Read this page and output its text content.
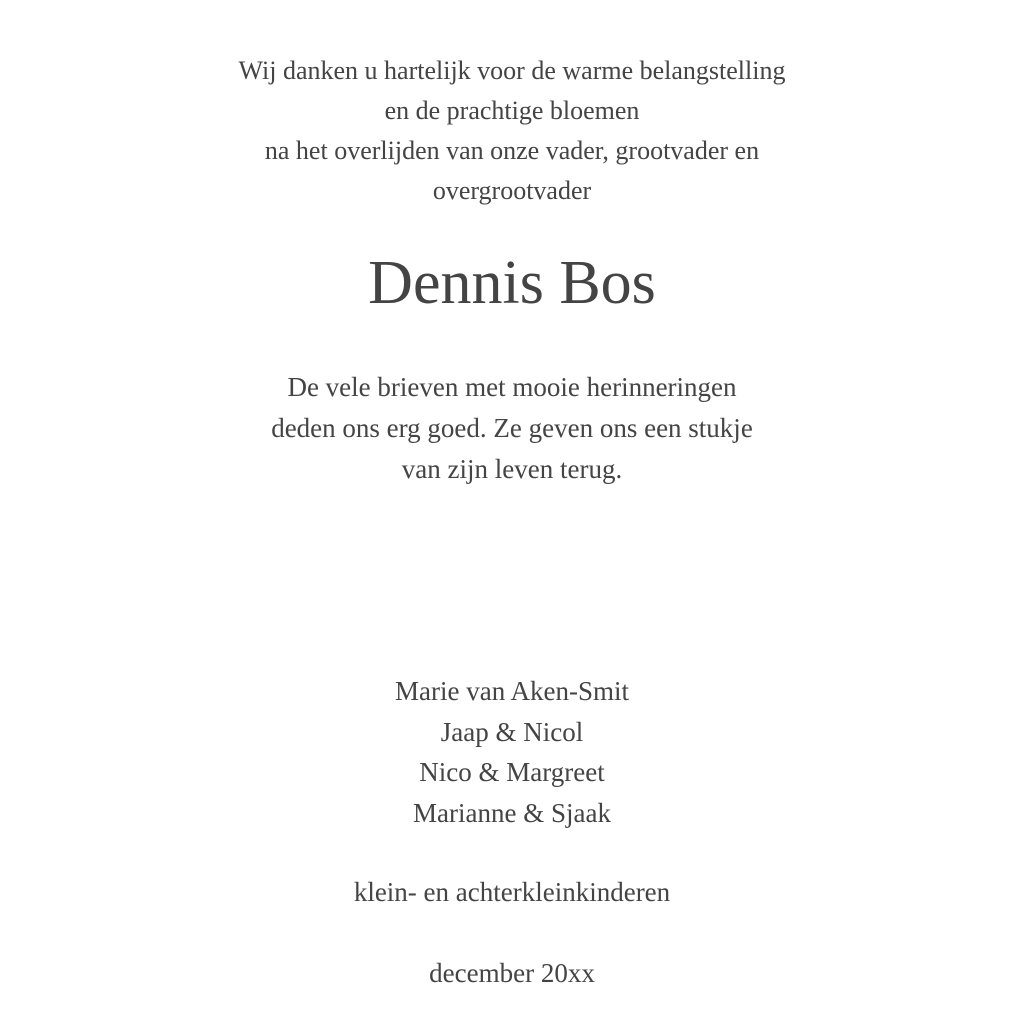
Wij danken u hartelijk voor de warme belangstelling
en de prachtige bloemen
na het overlijden van onze vader, grootvader en
overgrootvader
Dennis Bos
De vele brieven met mooie herinneringen
deden ons erg goed. Ze geven ons een stukje
van zijn leven terug.
Marie van Aken-Smit
Jaap & Nicol
Nico & Margreet
Marianne & Sjaak
klein- en achterkleinkinderen
december 20xx
